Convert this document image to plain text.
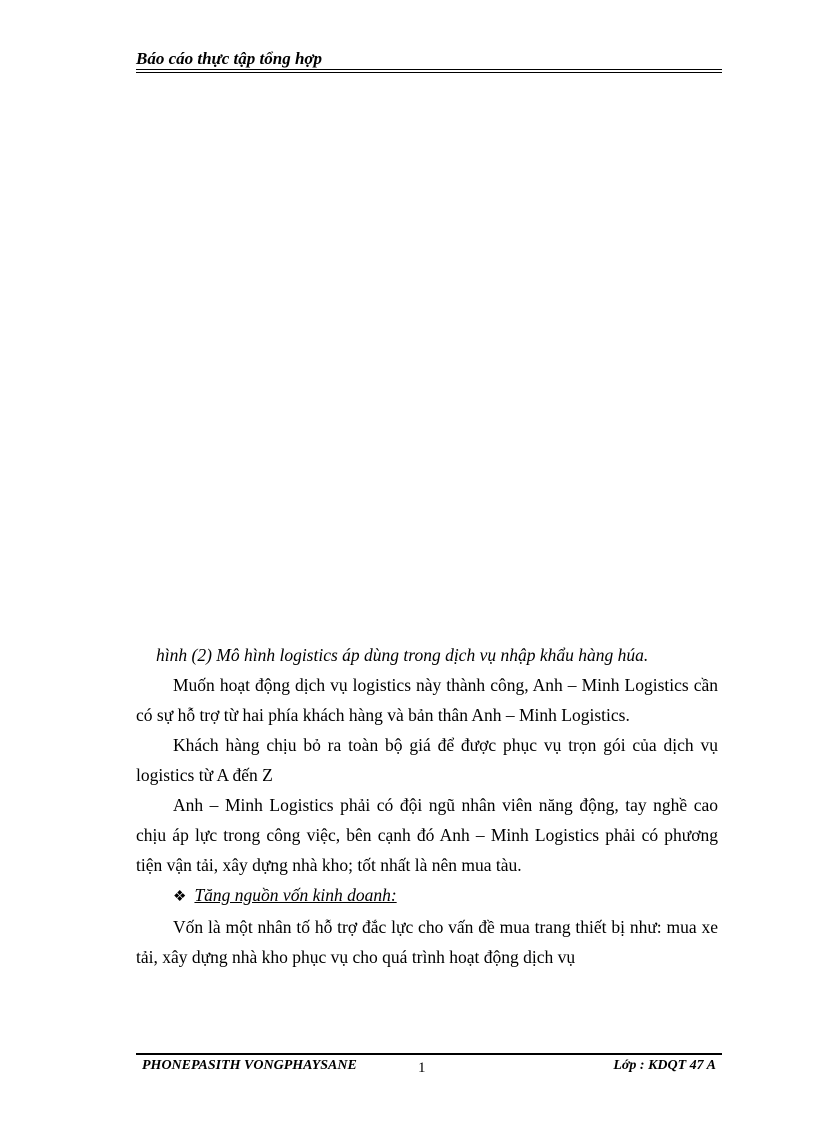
Báo cáo thực tập tổng hợp

hình (2) Mô hình logistics áp dùng trong dịch vụ nhập khẩu hàng húa.

Muốn hoạt động dịch vụ logistics này thành công, Anh – Minh Logistics cần có sự hỗ trợ từ hai phía khách hàng và bản thân Anh – Minh Logistics.

Khách hàng chịu bỏ ra toàn bộ giá để được phục vụ trọn gói của dịch vụ logistics từ A đến Z

Anh – Minh Logistics phải có đội ngũ nhân viên năng động, tay nghề cao chịu áp lực trong công việc, bên cạnh đó Anh – Minh Logistics phải có phương tiện vận tải, xây dựng nhà kho; tốt nhất là nên mua tàu.

❖ Tăng nguồn vốn kinh doanh:

Vốn là một nhân tố hỗ trợ đắc lực cho vấn đề mua trang thiết bị như: mua xe tải, xây dựng nhà kho phục vụ cho quá trình hoạt động dịch vụ

PHONEPASITH VONGPHAYSANE	1	Lớp : KDQT 47 A
